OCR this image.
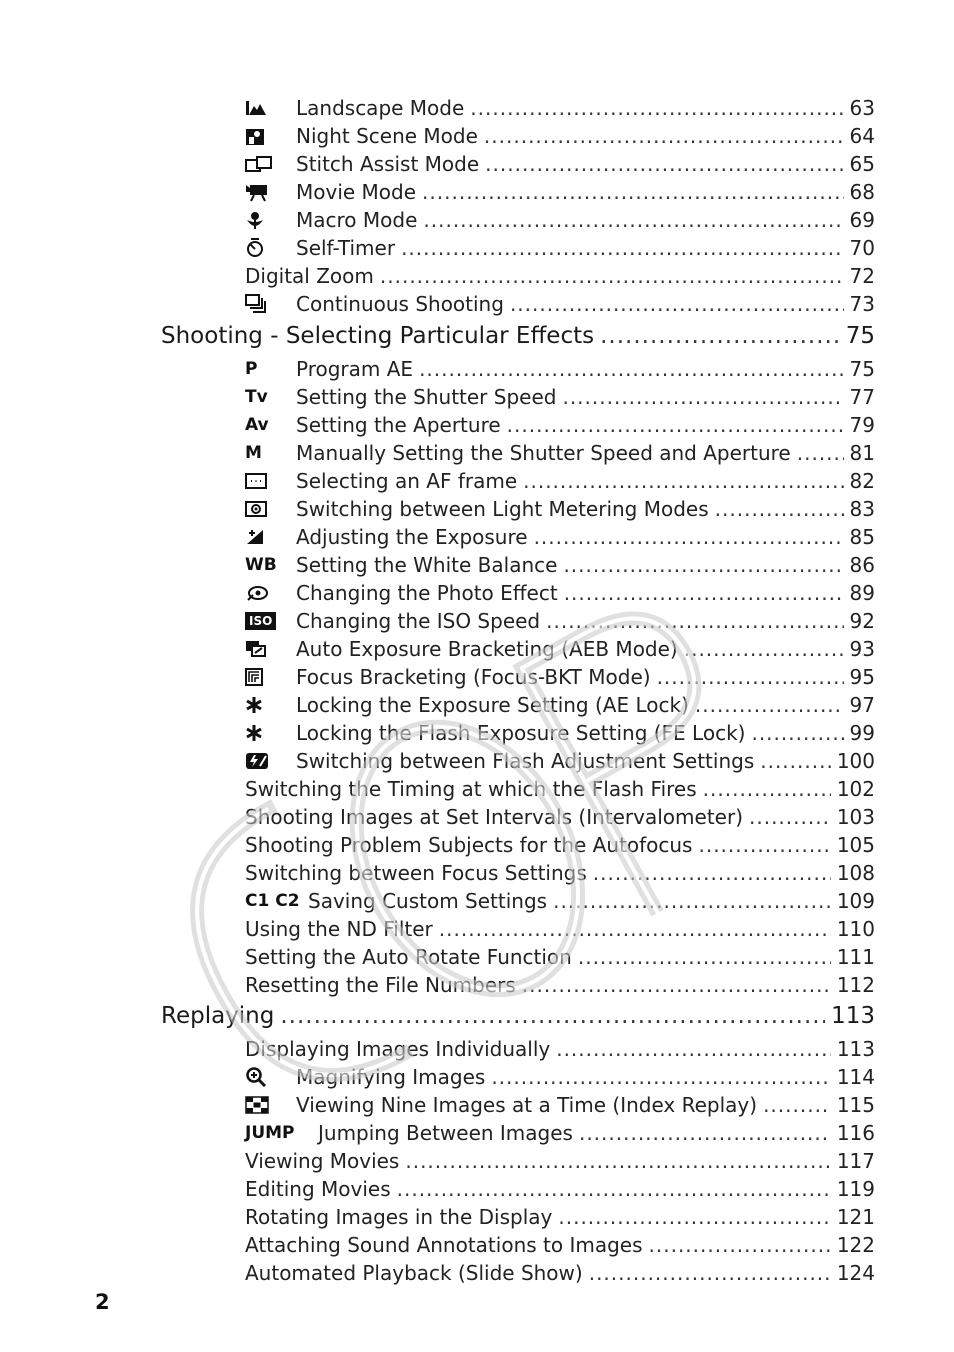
Landscape Mode .....	63
Night Scene Mode .....	64
Stitch Assist Mode .....	65
Movie Mode .....	68
Macro Mode .....	69
Self-Timer .....	70
Digital Zoom .....	72
Continuous Shooting .....	73
Shooting - Selecting Particular Effects .....	75
P	Program AE .....	75
Tv	Setting the Shutter Speed .....	77
Av	Setting the Aperture .....	79
M	Manually Setting the Shutter Speed and Aperture .....	81
Selecting an AF frame .....	82
Switching between Light Metering Modes .....	83
Adjusting the Exposure .....	85
WB Setting the White Balance .....	86
Changing the Photo Effect .....	89
ISO Changing the ISO Speed .....	92
Auto Exposure Bracketing (AEB Mode) .....	93
Focus Bracketing (Focus-BKT Mode) .....	95
Locking the Exposure Setting (AE Lock) .....	97
Locking the Flash Exposure Setting (FE Lock) .....	99
Switching between Flash Adjustment Settings .....	100
Switching the Timing at which the Flash Fires .....	102
Shooting Images at Set Intervals (Intervalometer) .....	103
Shooting Problem Subjects for the Autofocus .....	105
Switching between Focus Settings .....	108
C1 C2 Saving Custom Settings .....	109
Using the ND Filter .....	110
Setting the Auto Rotate Function .....	111
Resetting the File Numbers .....	112
Replaying .....	113
Displaying Images Individually .....	113
Magnifying Images .....	114
Viewing Nine Images at a Time (Index Replay) .....	115
JUMP	Jumping Between Images .....	116
Viewing Movies .....	117
Editing Movies .....	119
Rotating Images in the Display .....	121
Attaching Sound Annotations to Images .....	122
Automated Playback (Slide Show) .....	124
2
